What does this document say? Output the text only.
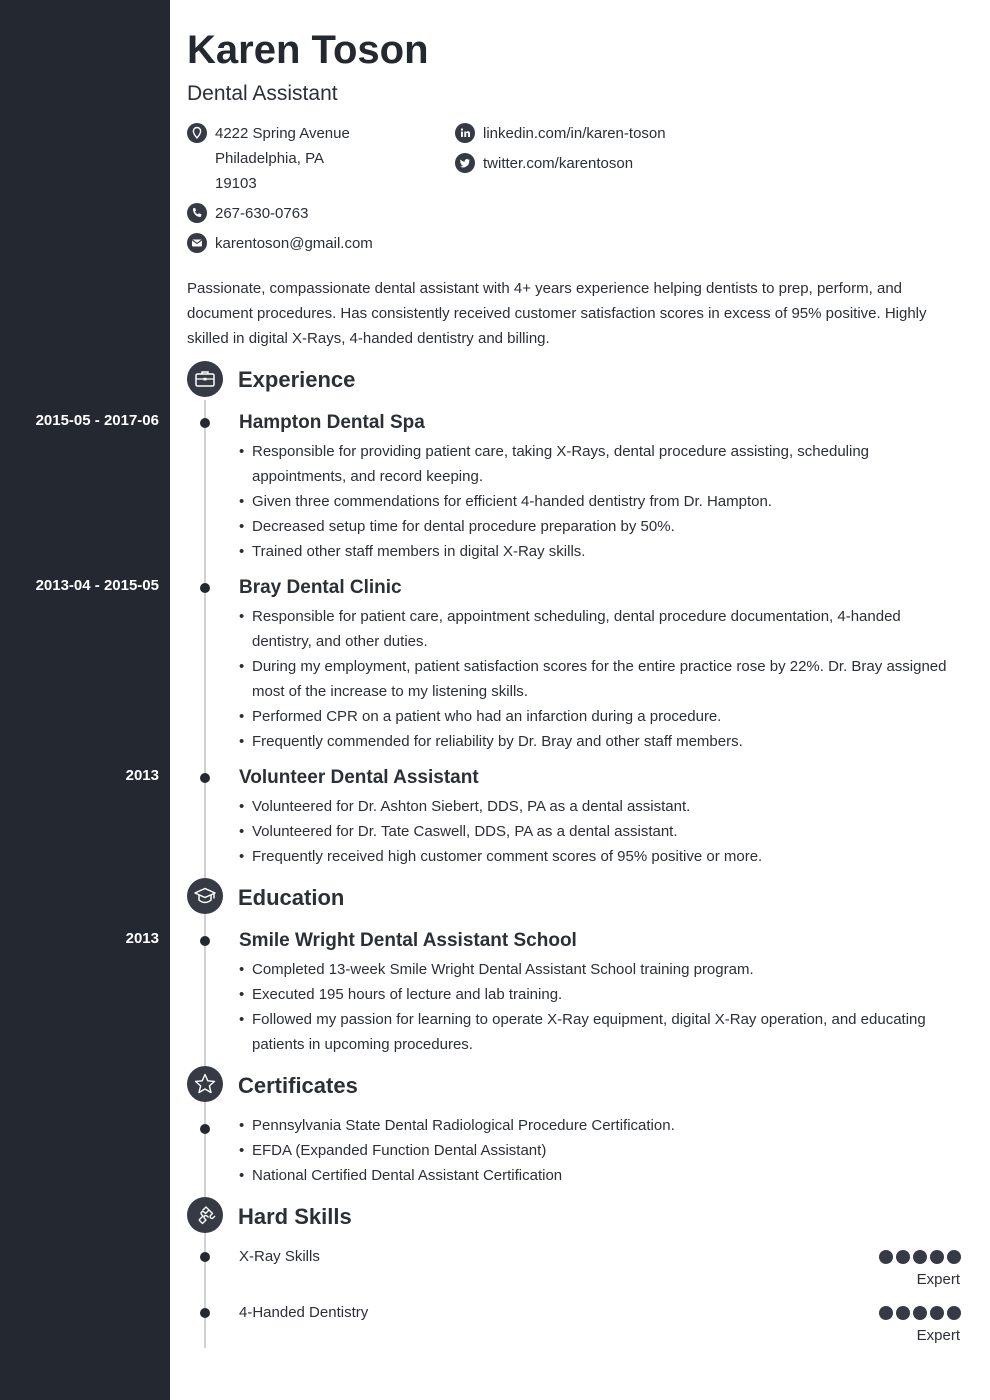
Karen Toson
Dental Assistant
4222 Spring Avenue
Philadelphia, PA
19103
267-630-0763
karentoson@gmail.com
linkedin.com/in/karen-toson
twitter.com/karentoson
Passionate, compassionate dental assistant with 4+ years experience helping dentists to prep, perform, and document procedures. Has consistently received customer satisfaction scores in excess of 95% positive. Highly skilled in digital X-Rays, 4-handed dentistry and billing.
Experience
2015-05 - 2017-06	Hampton Dental Spa
• Responsible for providing patient care, taking X-Rays, dental procedure assisting, scheduling appointments, and record keeping.
• Given three commendations for efficient 4-handed dentistry from Dr. Hampton.
• Decreased setup time for dental procedure preparation by 50%.
• Trained other staff members in digital X-Ray skills.
2013-04 - 2015-05	Bray Dental Clinic
• Responsible for patient care, appointment scheduling, dental procedure documentation, 4-handed dentistry, and other duties.
• During my employment, patient satisfaction scores for the entire practice rose by 22%. Dr. Bray assigned most of the increase to my listening skills.
• Performed CPR on a patient who had an infarction during a procedure.
• Frequently commended for reliability by Dr. Bray and other staff members.
2013	Volunteer Dental Assistant
• Volunteered for Dr. Ashton Siebert, DDS, PA as a dental assistant.
• Volunteered for Dr. Tate Caswell, DDS, PA as a dental assistant.
• Frequently received high customer comment scores of 95% positive or more.
Education
2013	Smile Wright Dental Assistant School
• Completed 13-week Smile Wright Dental Assistant School training program.
• Executed 195 hours of lecture and lab training.
• Followed my passion for learning to operate X-Ray equipment, digital X-Ray operation, and educating patients in upcoming procedures.
Certificates
• Pennsylvania State Dental Radiological Procedure Certification.
• EFDA (Expanded Function Dental Assistant)
• National Certified Dental Assistant Certification
Hard Skills
X-Ray Skills
Expert
4-Handed Dentistry
Expert
